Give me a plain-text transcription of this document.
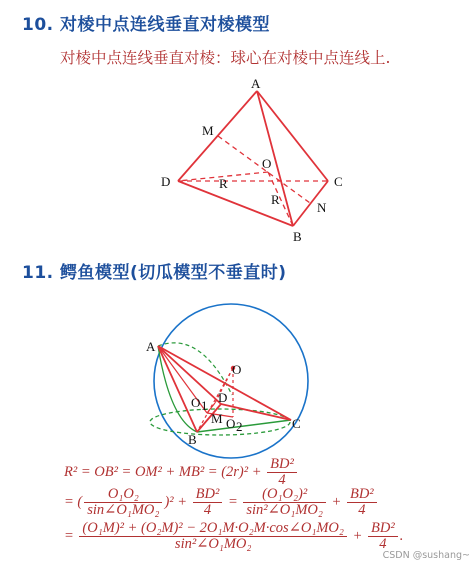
10. 对棱中点连线垂直对棱模型
对棱中点连线垂直对棱：球心在对棱中点连线上.
A
B
C
D
M
N
O
R
R
A
B
C
O
D
O 1
O 2
M
11. 鳄鱼模型(切瓜模型不垂直时)
$R^2 = OB^2 = OM^2 + MB^2 = (2r)^2 + \frac{\text{BD²}}{4}$
= ( $\frac{\text{O₁O₂}}{\text{sin∠O₁MO₂}} )^2 + \frac{\text{BD²}}{4} = \frac{\text{(O₁O₂)²}}{\text{sin²∠O₁MO₂}} + \frac{\text{BD²}}{4}$
= $\frac{\text{(O₁M)² + (O₂M)² − 2O₁M·O₂M·cos∠O₁MO₂}}{\text{sin²∠O₁MO₂}} + \frac{\text{BD²}}{4}$ .
CSDN @sushang~
